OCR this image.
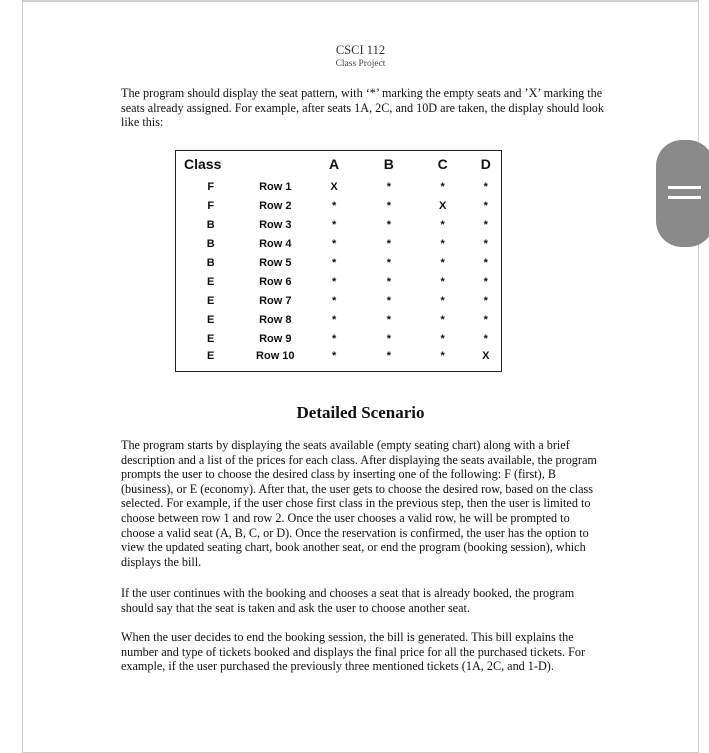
CSCI 112
Class Project

The program should display the seat pattern, with ‘*’ marking the empty seats and ’X’ marking the seats already assigned. For example, after seats 1A, 2C, and 10D are taken, the display should look like this:

Class		A	B	C	D
F	Row 1	X	*	*	*
F	Row 2	*	*	X	*
B	Row 3	*	*	*	*
B	Row 4	*	*	*	*
B	Row 5	*	*	*	*
E	Row 6	*	*	*	*
E	Row 7	*	*	*	*
E	Row 8	*	*	*	*
E	Row 9	*	*	*	*
E	Row 10	*	*	*	X
Detailed Scenario

The program starts by displaying the seats available (empty seating chart) along with a brief description and a list of the prices for each class. After displaying the seats available, the program prompts the user to choose the desired class by inserting one of the following: F (first), B (business), or E (economy). After that, the user gets to choose the desired row, based on the class selected. For example, if the user chose first class in the previous step, then the user is limited to choose between row 1 and row 2. Once the user chooses a valid row, he will be prompted to choose a valid seat (A, B, C, or D). Once the reservation is confirmed, the user has the option to view the updated seating chart, book another seat, or end the program (booking session), which displays the bill.

If the user continues with the booking and chooses a seat that is already booked, the program should say that the seat is taken and ask the user to choose another seat.

When the user decides to end the booking session, the bill is generated. This bill explains the number and type of tickets booked and displays the final price for all the purchased tickets. For example, if the user purchased the previously three mentioned tickets (1A, 2C, and 1-D).
